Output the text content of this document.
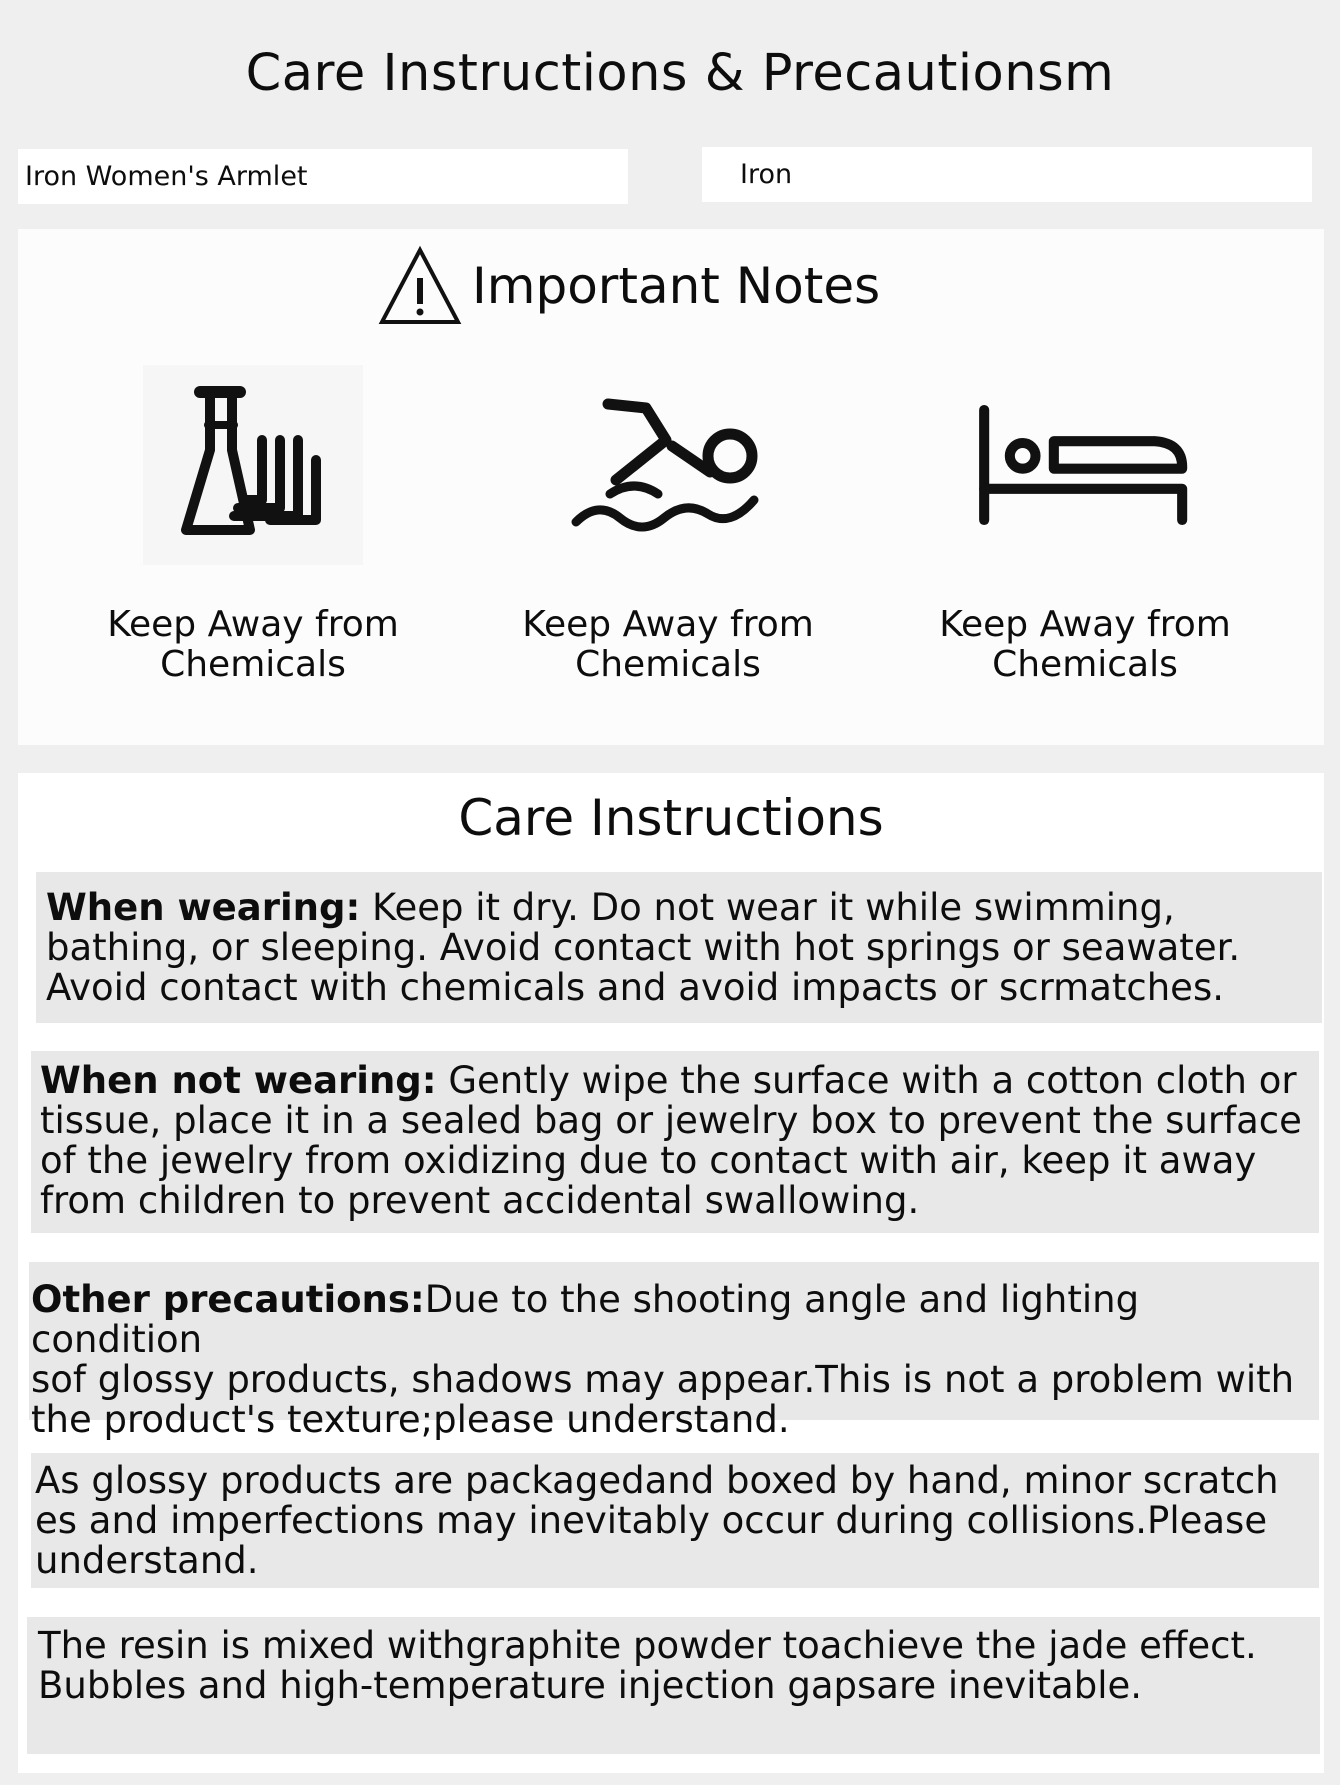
Care Instructions & Precautionsm
Iron Women's Armlet	Iron
Important Notes
Keep Away from
Chemicals
Keep Away from
Chemicals
Keep Away from
Chemicals
Care Instructions
When wearing: Keep it dry. Do not wear it while swimming,
bathing, or sleeping. Avoid contact with hot springs or seawater.
Avoid contact with chemicals and avoid impacts or scrmatches.
When not wearing: Gently wipe the surface with a cotton cloth or
tissue, place it in a sealed bag or jewelry box to prevent the surface
of the jewelry from oxidizing due to contact with air, keep it away
from children to prevent accidental swallowing.
Other precautions:Due to the shooting angle and lighting condition
sof glossy products, shadows may appear.This is not a problem with
the product's texture;please understand.
As glossy products are packagedand boxed by hand, minor scratch
es and imperfections may inevitably occur during collisions.Please
understand.
The resin is mixed withgraphite powder toachieve the jade effect.
Bubbles and high-temperature injection gapsare inevitable.
